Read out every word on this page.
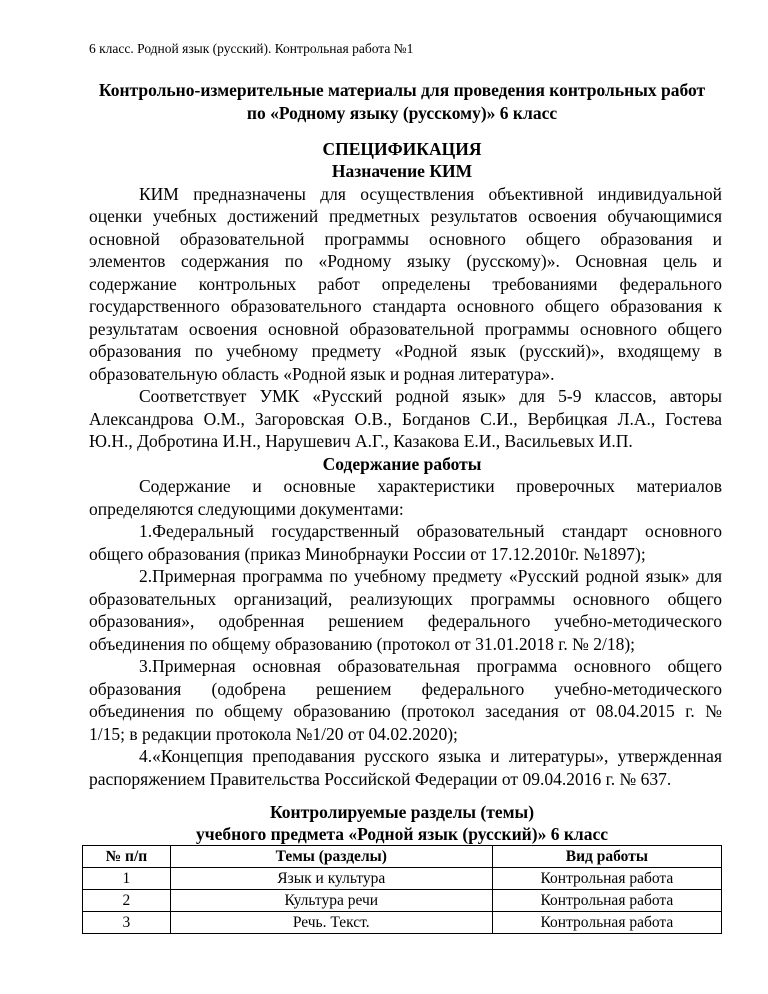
6 класс. Родной язык (русский). Контрольная работа №1
Контрольно-измерительные материалы для проведения контрольных работ
по «Родному языку (русскому)» 6 класс
СПЕЦИФИКАЦИЯ
Назначение КИМ
КИМ предназначены для осуществления объективной индивидуальной
оценки учебных достижений предметных результатов освоения обучающимися
основной образовательной программы основного общего образования и
элементов содержания по «Родному языку (русскому)». Основная цель и
содержание контрольных работ определены требованиями федерального
государственного образовательного стандарта основного общего образования к
результатам освоения основной образовательной программы основного общего
образования по учебному предмету «Родной язык (русский)», входящему в
образовательную область «Родной язык и родная литература».
Соответствует УМК «Русский родной язык» для 5-9 классов, авторы
Александрова О.М., Загоровская О.В., Богданов С.И., Вербицкая Л.А., Гостева
Ю.Н., Добротина И.Н., Нарушевич А.Г., Казакова Е.И., Васильевых И.П.
Содержание работы
Содержание и основные характеристики проверочных материалов
определяются следующими документами:
1.Федеральный государственный образовательный стандарт основного
общего образования (приказ Минобрнауки России от 17.12.2010г. №1897);
2.Примерная программа по учебному предмету «Русский родной язык» для
образовательных организаций, реализующих программы основного общего
образования», одобренная решением федерального учебно-методического
объединения по общему образованию (протокол от 31.01.2018 г. № 2/18);
3.Примерная основная образовательная программа основного общего
образования (одобрена решением федерального учебно-методического
объединения по общему образованию (протокол заседания от 08.04.2015 г. №
1/15; в редакции протокола №1/20 от 04.02.2020);
4.«Концепция преподавания русского языка и литературы», утвержденная
распоряжением Правительства Российской Федерации от 09.04.2016 г. № 637.
Контролируемые разделы (темы)
учебного предмета «Родной язык (русский)» 6 класс
№ п/п	Темы (разделы)	Вид работы
1	Язык и культура	Контрольная работа
2	Культура речи	Контрольная работа
3	Речь. Текст.	Контрольная работа
